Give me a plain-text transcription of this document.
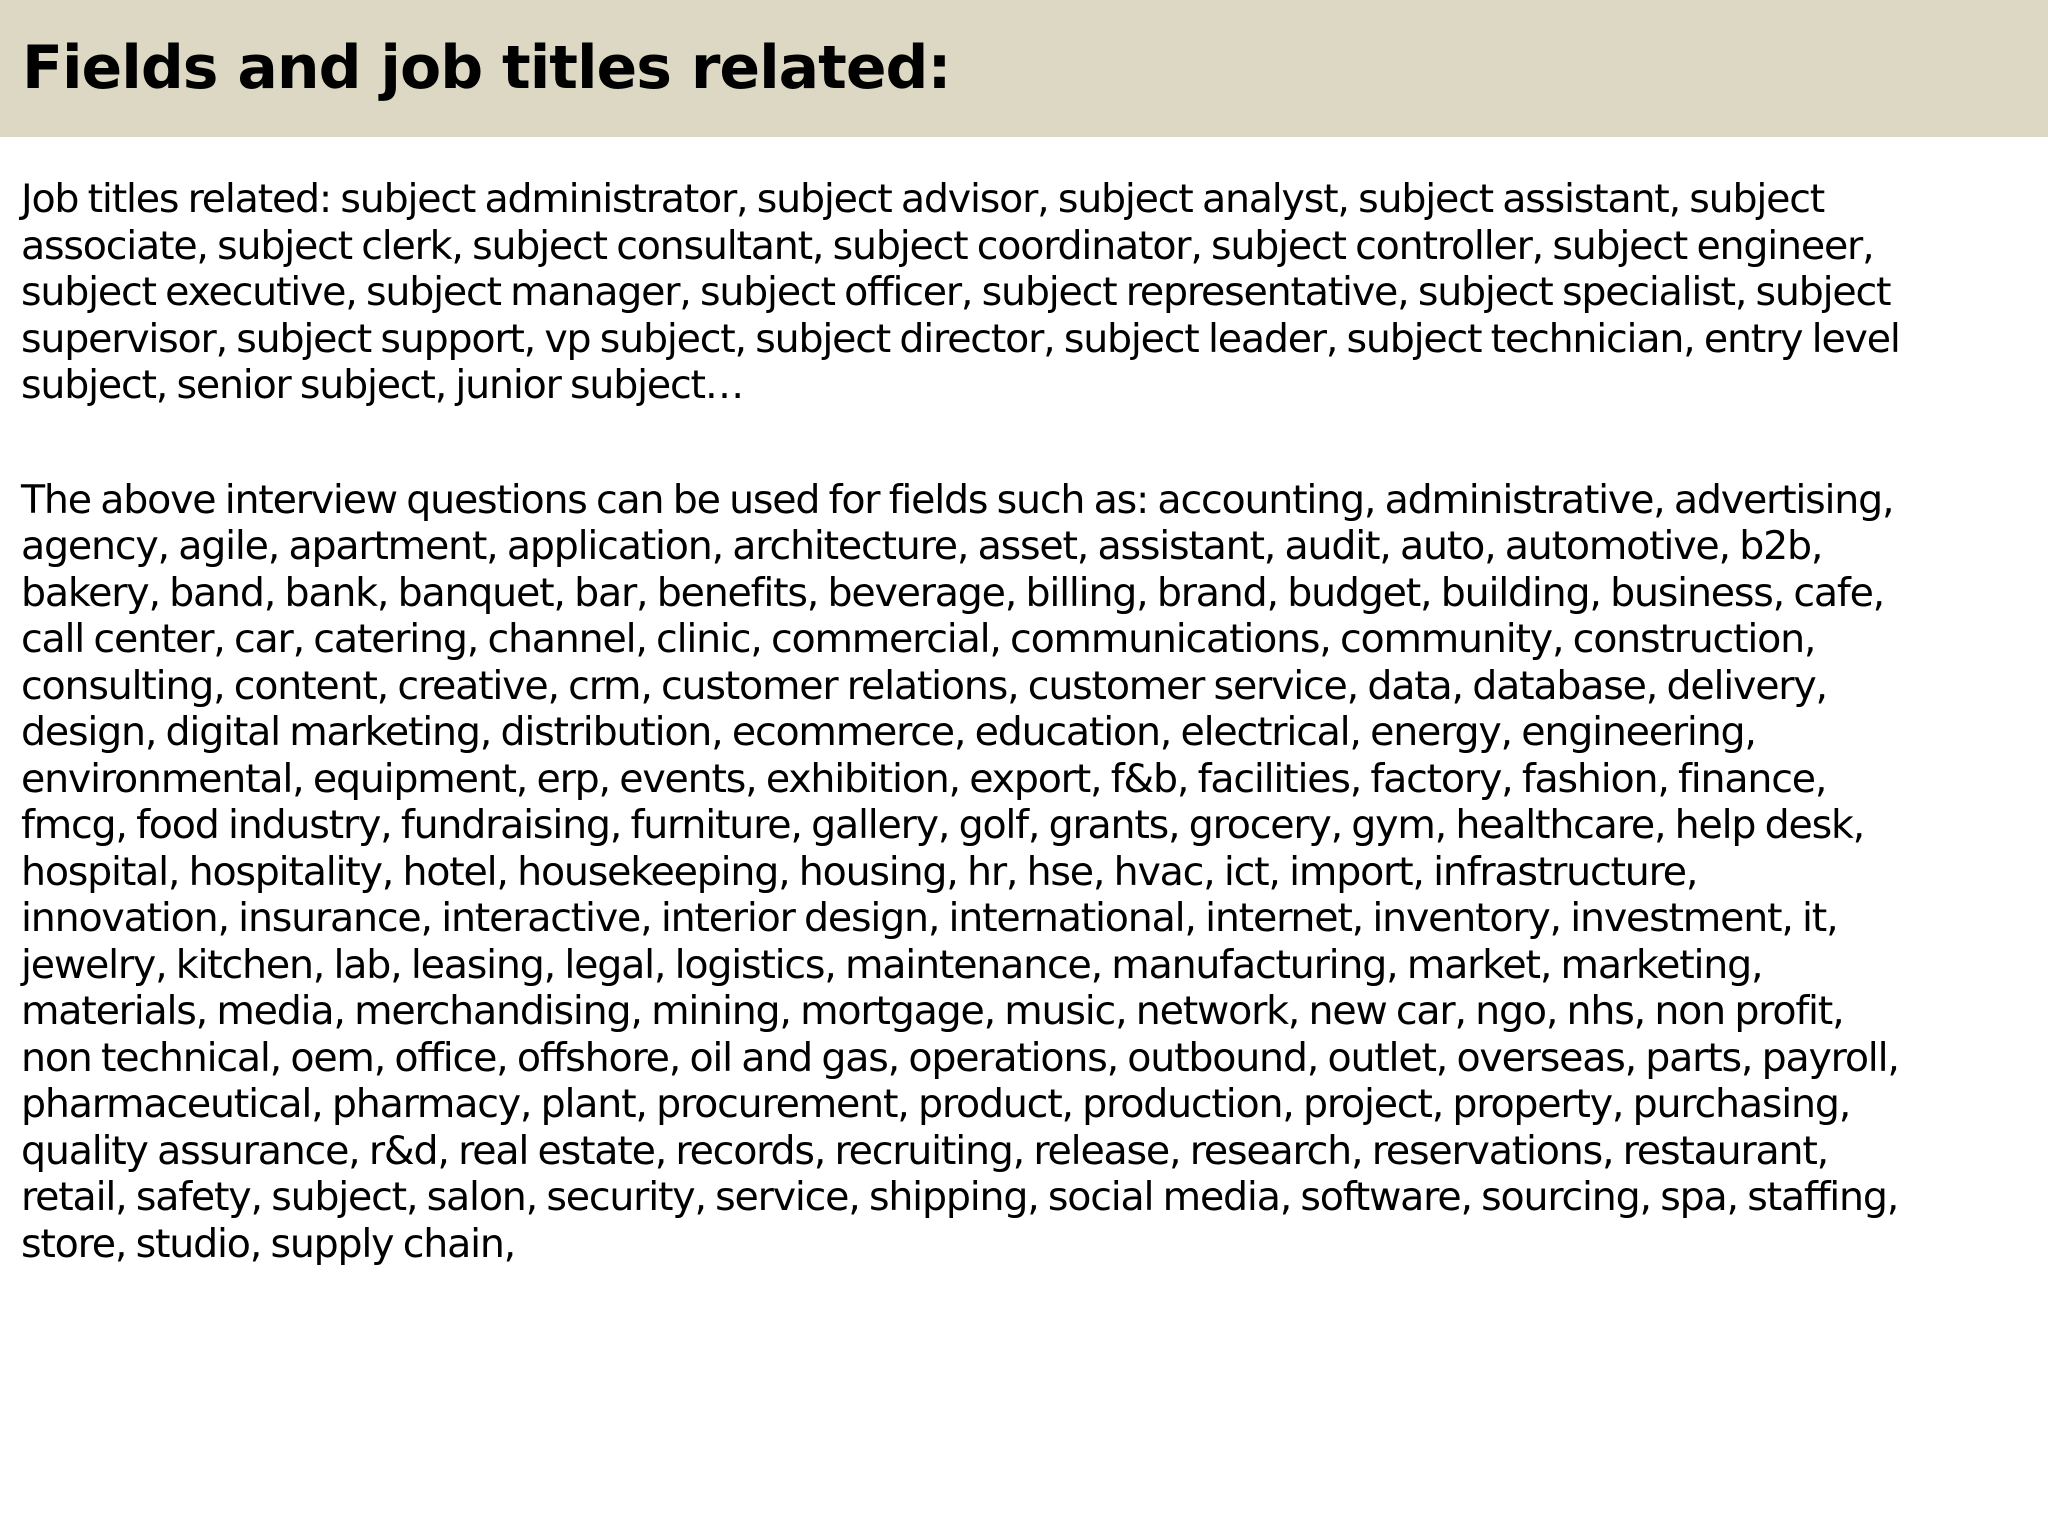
Fields and job titles related:

Job titles related: subject administrator, subject advisor, subject analyst, subject assistant, subject
associate, subject clerk, subject consultant, subject coordinator, subject controller, subject engineer,
subject executive, subject manager, subject officer, subject representative, subject specialist, subject
supervisor, subject support, vp subject, subject director, subject leader, subject technician, entry level
subject, senior subject, junior subject…

The above interview questions can be used for fields such as: accounting, administrative, advertising,
agency, agile, apartment, application, architecture, asset, assistant, audit, auto, automotive, b2b,
bakery, band, bank, banquet, bar, benefits, beverage, billing, brand, budget, building, business, cafe,
call center, car, catering, channel, clinic, commercial, communications, community, construction,
consulting, content, creative, crm, customer relations, customer service, data, database, delivery,
design, digital marketing, distribution, ecommerce, education, electrical, energy, engineering,
environmental, equipment, erp, events, exhibition, export, f&b, facilities, factory, fashion, finance,
fmcg, food industry, fundraising, furniture, gallery, golf, grants, grocery, gym, healthcare, help desk,
hospital, hospitality, hotel, housekeeping, housing, hr, hse, hvac, ict, import, infrastructure,
innovation, insurance, interactive, interior design, international, internet, inventory, investment, it,
jewelry, kitchen, lab, leasing, legal, logistics, maintenance, manufacturing, market, marketing,
materials, media, merchandising, mining, mortgage, music, network, new car, ngo, nhs, non profit,
non technical, oem, office, offshore, oil and gas, operations, outbound, outlet, overseas, parts, payroll,
pharmaceutical, pharmacy, plant, procurement, product, production, project, property, purchasing,
quality assurance, r&d, real estate, records, recruiting, release, research, reservations, restaurant,
retail, safety, subject, salon, security, service, shipping, social media, software, sourcing, spa, staffing,
store, studio, supply chain,
